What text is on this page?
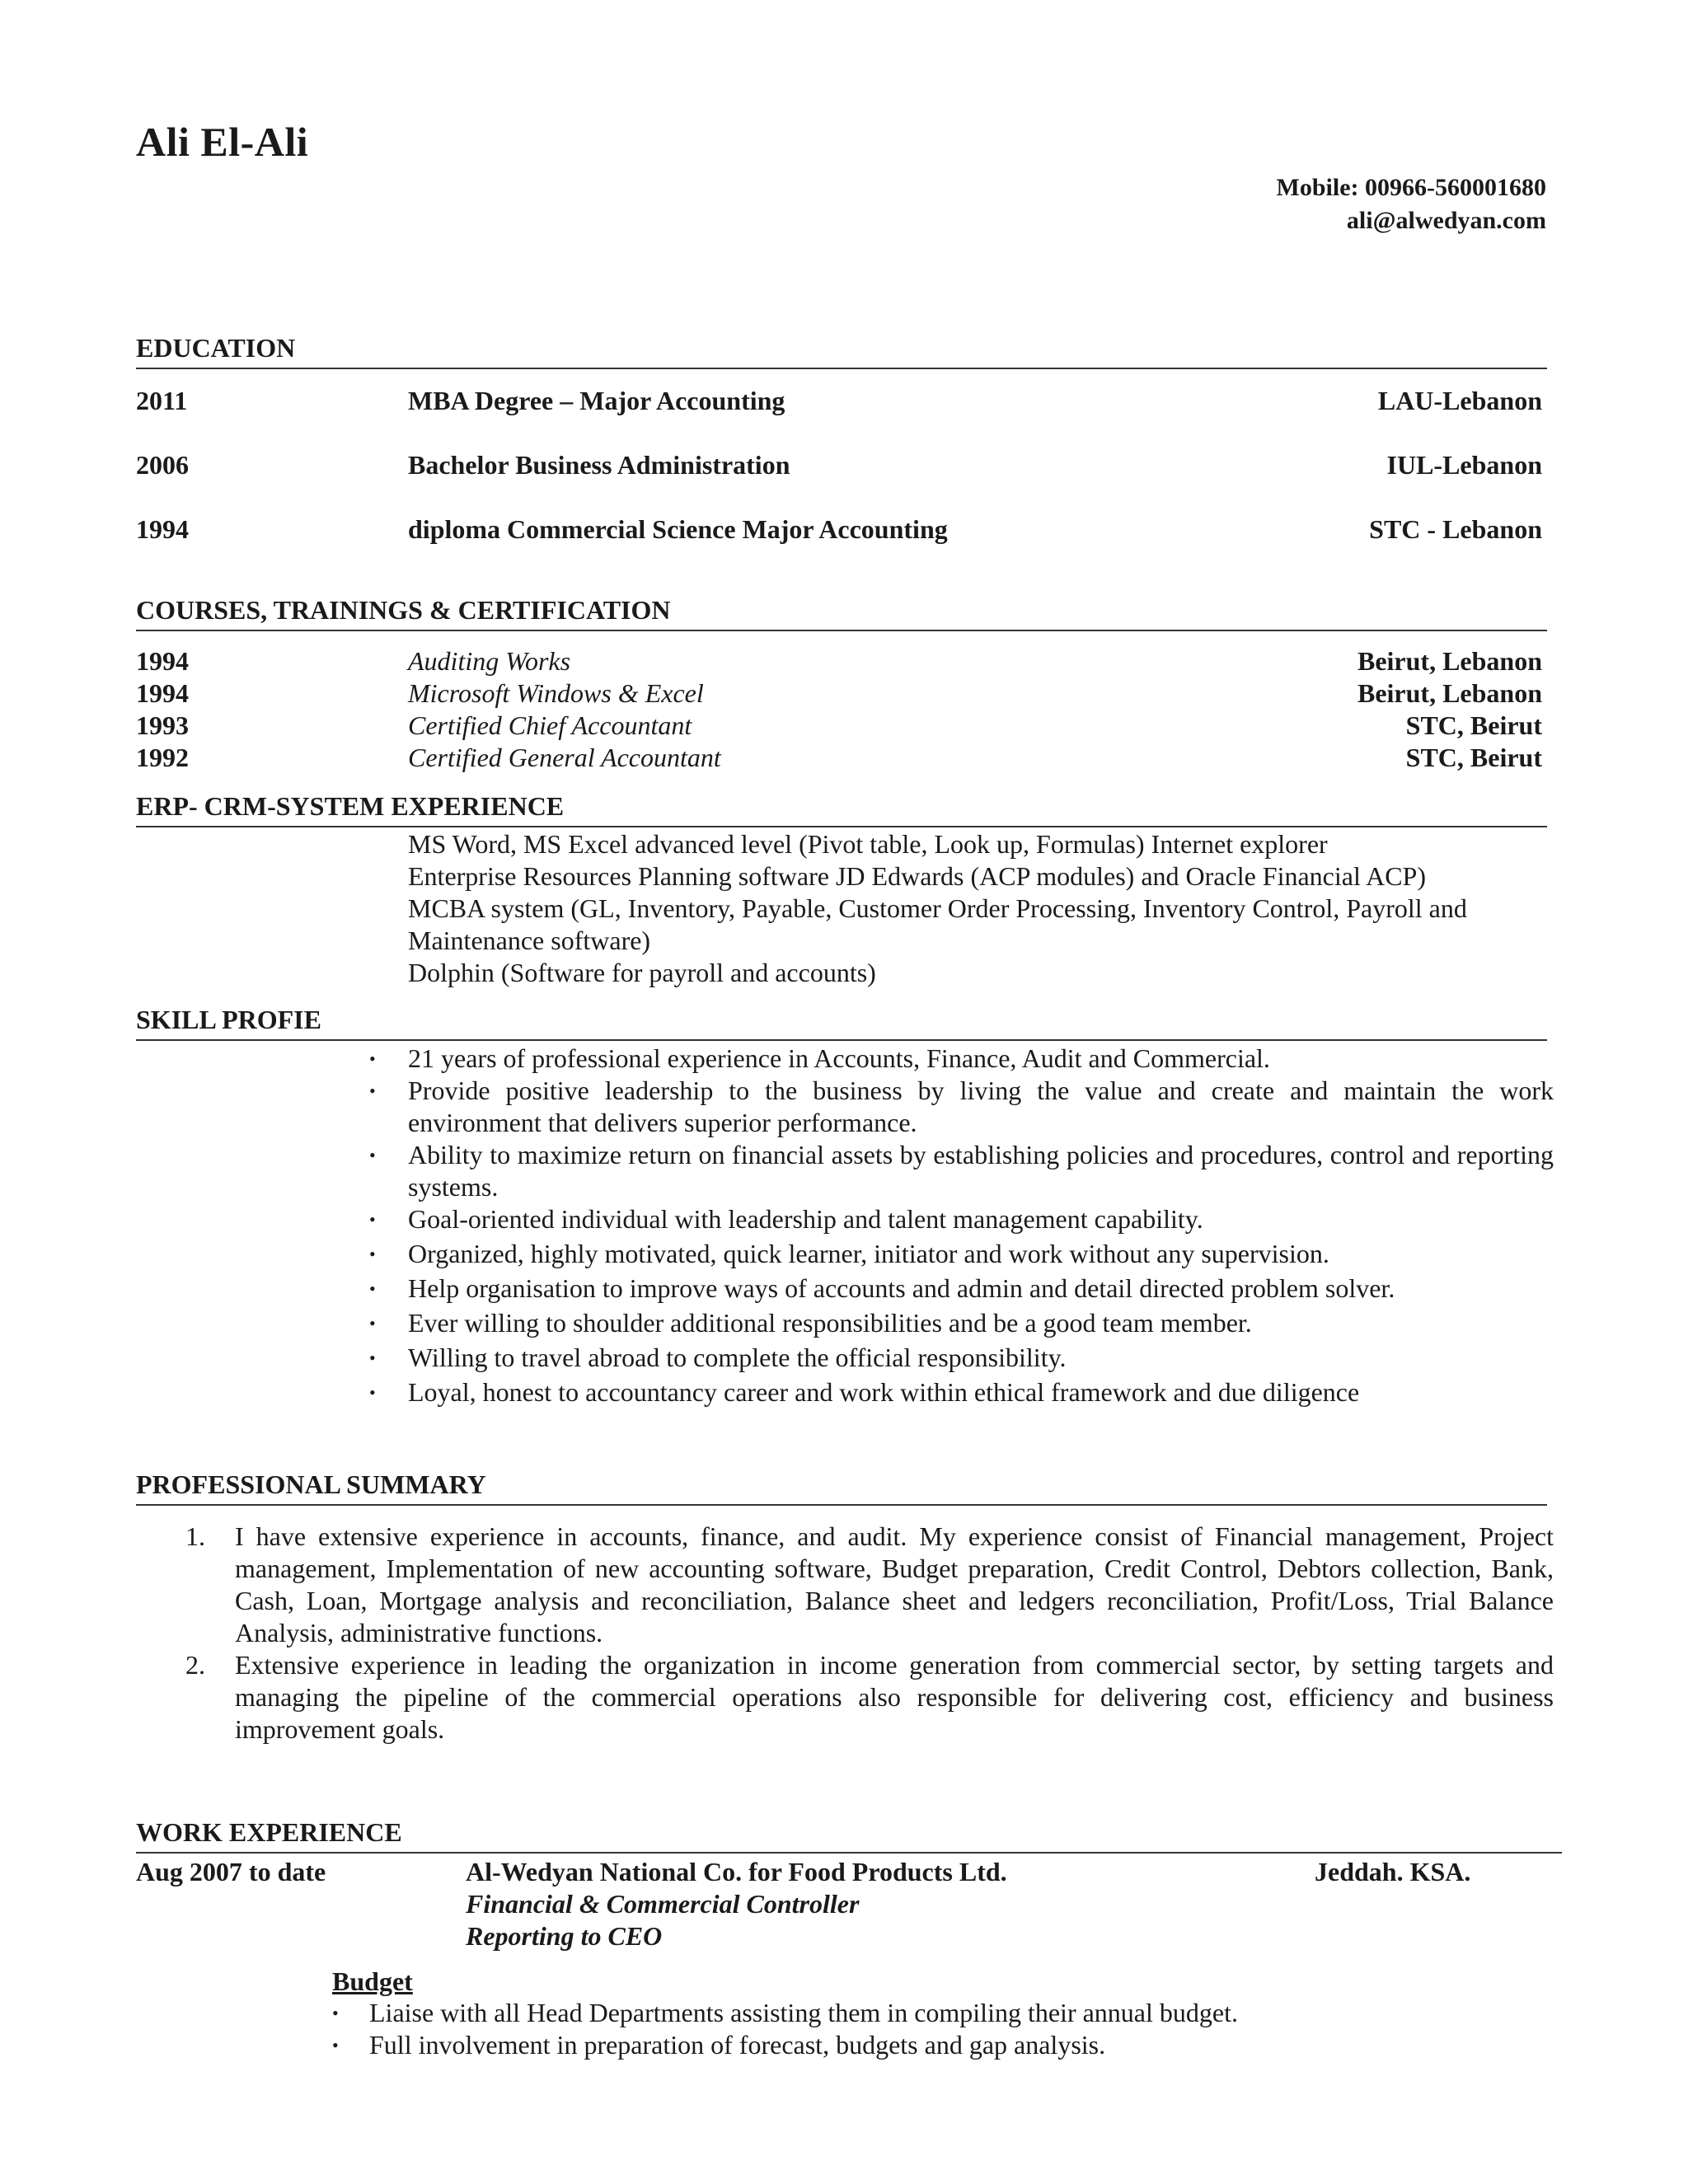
Ali El-Ali
Mobile: 00966-560001680
ali@alwedyan.com
EDUCATION
2011	MBA Degree – Major Accounting	LAU-Lebanon
2006	Bachelor Business Administration	IUL-Lebanon
1994	diploma Commercial Science Major Accounting	STC - Lebanon
COURSES, TRAININGS & CERTIFICATION
1994	Auditing Works	Beirut, Lebanon
1994	Microsoft Windows & Excel	Beirut, Lebanon
1993	Certified Chief Accountant	STC, Beirut
1992	Certified General Accountant	STC, Beirut
ERP- CRM-SYSTEM EXPERIENCE

MS Word, MS Excel advanced level (Pivot table, Look up, Formulas) Internet explorer

Enterprise Resources Planning software JD Edwards (ACP modules) and Oracle Financial ACP)

MCBA system (GL, Inventory, Payable, Customer Order Processing, Inventory Control, Payroll and Maintenance software)

Dolphin (Software for payroll and accounts)

SKILL PROFIE
• 21 years of professional experience in Accounts, Finance, Audit and Commercial.
• Provide positive leadership to the business by living the value and create and maintain the work environment that delivers superior performance.
• Ability to maximize return on financial assets by establishing policies and procedures, control and reporting systems.
• Goal-oriented individual with leadership and talent management capability.
• Organized, highly motivated, quick learner, initiator and work without any supervision.
• Help organisation to improve ways of accounts and admin and detail directed problem solver.
• Ever willing to shoulder additional responsibilities and be a good team member.
• Willing to travel abroad to complete the official responsibility.
• Loyal, honest to accountancy career and work within ethical framework and due diligence
PROFESSIONAL SUMMARY
1. I have extensive experience in accounts, finance, and audit. My experience consist of Financial management, Project management, Implementation of new accounting software, Budget preparation, Credit Control, Debtors collection, Bank, Cash, Loan, Mortgage analysis and reconciliation, Balance sheet and ledgers reconciliation, Profit/Loss, Trial Balance Analysis, administrative functions.
2. Extensive experience in leading the organization in income generation from commercial sector, by setting targets and managing the pipeline of the commercial operations also responsible for delivering cost, efficiency and business improvement goals.
WORK EXPERIENCE
Aug 2007 to date	Al-Wedyan National Co. for Food Products Ltd.	Jeddah. KSA.
Financial & Commercial Controller
Reporting to CEO
Budget
• Liaise with all Head Departments assisting them in compiling their annual budget.
• Full involvement in preparation of forecast, budgets and gap analysis.
